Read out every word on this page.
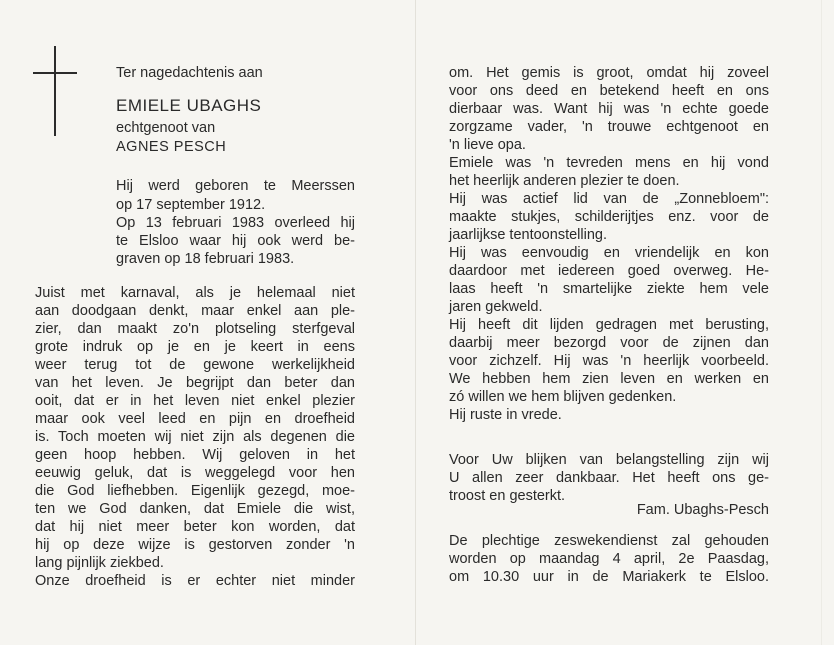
Ter nagedachtenis aan
EMIELE UBAGHS
echtgenoot van
AGNES PESCH
Hij werd geboren te Meerssen
op 17 september 1912.
Op 13 februari 1983 overleed hij
te Elsloo waar hij ook werd be-
graven op 18 februari 1983.
Juist met karnaval, als je helemaal niet
aan doodgaan denkt, maar enkel aan ple-
zier, dan maakt zo'n plotseling sterfgeval
grote indruk op je en je keert in eens
weer terug tot de gewone werkelijkheid
van het leven. Je begrijpt dan beter dan
ooit, dat er in het leven niet enkel plezier
maar ook veel leed en pijn en droefheid
is. Toch moeten wij niet zijn als degenen die
geen hoop hebben. Wij geloven in het
eeuwig geluk, dat is weggelegd voor hen
die God liefhebben. Eigenlijk gezegd, moe-
ten we God danken, dat Emiele die wist,
dat hij niet meer beter kon worden, dat
hij op deze wijze is gestorven zonder 'n
lang pijnlijk ziekbed.
Onze droefheid is er echter niet minder
om. Het gemis is groot, omdat hij zoveel
voor ons deed en betekend heeft en ons
dierbaar was. Want hij was 'n echte goede
zorgzame vader, 'n trouwe echtgenoot en
'n lieve opa.
Emiele was 'n tevreden mens en hij vond
het heerlijk anderen plezier te doen.
Hij was actief lid van de „Zonnebloem":
maakte stukjes, schilderijtjes enz. voor de
jaarlijkse tentoonstelling.
Hij was eenvoudig en vriendelijk en kon
daardoor met iedereen goed overweg. He-
laas heeft 'n smartelijke ziekte hem vele
jaren gekweld.
Hij heeft dit lijden gedragen met berusting,
daarbij meer bezorgd voor de zijnen dan
voor zichzelf. Hij was 'n heerlijk voorbeeld.
We hebben hem zien leven en werken en
zó willen we hem blijven gedenken.
Hij ruste in vrede.
Voor Uw blijken van belangstelling zijn wij
U allen zeer dankbaar. Het heeft ons ge-
troost en gesterkt.
Fam. Ubaghs-Pesch
De plechtige zeswekendienst zal gehouden
worden op maandag 4 april, 2e Paasdag,
om 10.30 uur in de Mariakerk te Elsloo.
